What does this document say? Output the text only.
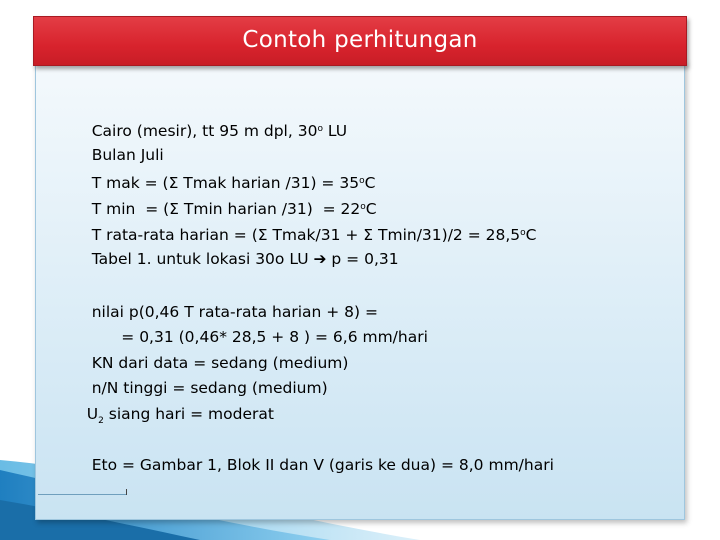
Contoh perhitungan

Cairo (mesir), tt 95 m dpl, 30$^o$ LU

Bulan Juli

T mak = (Σ Tmak harian $/31) = 35^oC$

T min  = (Σ Tmin harian $/31) = 22^oC$

T rata-rata harian = (Σ Tmak/31 + Σ $Tmin/31)/2 = 28,5^oC$

Tabel 1. untuk lokasi 30o LU ➔ p = 0,31

nilai p(0,46 T rata-rata harian + 8) =

= 0,31 (0,46* 28,5 + 8 ) = 6,6 mm/hari

KN dari data = sedang (medium)

n/N tinggi = sedang (medium)

$U_2$ siang hari = moderat

Eto = Gambar 1, Blok II dan V (garis ke dua) = 8,0 mm/hari
